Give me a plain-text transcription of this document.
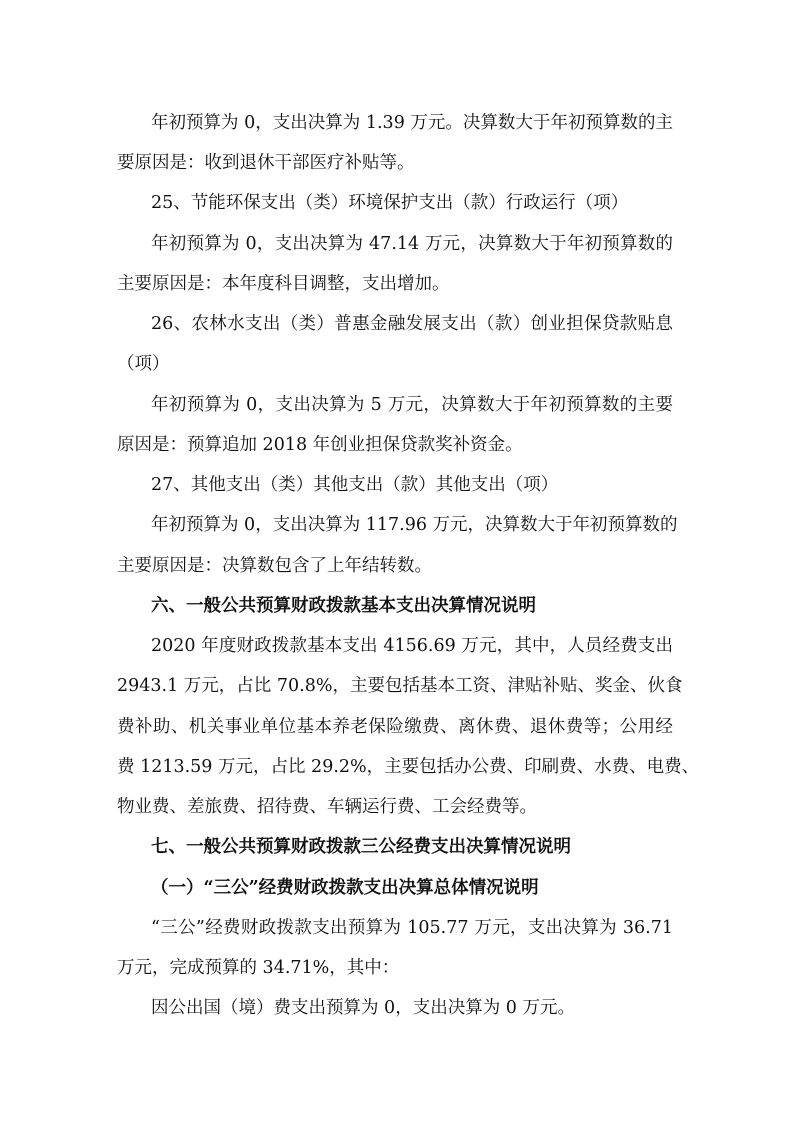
年初预算为 0，支出决算为 1.39 万元。决算数大于年初预算数的主
要原因是：收到退休干部医疗补贴等。
25、节能环保支出（类）环境保护支出（款）行政运行（项）
年初预算为 0，支出决算为 47.14 万元，决算数大于年初预算数的
主要原因是：本年度科目调整，支出增加。
26、农林水支出（类）普惠金融发展支出（款）创业担保贷款贴息
（项）
年初预算为 0，支出决算为 5 万元，决算数大于年初预算数的主要
原因是：预算追加 2018 年创业担保贷款奖补资金。
27、其他支出（类）其他支出（款）其他支出（项）
年初预算为 0，支出决算为 117.96 万元，决算数大于年初预算数的
主要原因是：决算数包含了上年结转数。
六、一般公共预算财政拨款基本支出决算情况说明
2020 年度财政拨款基本支出 4156.69 万元，其中，人员经费支出
2943.1 万元，占比 70.8%，主要包括基本工资、津贴补贴、奖金、伙食
费补助、机关事业单位基本养老保险缴费、离休费、退休费等；公用经
费 1213.59 万元，占比 29.2%，主要包括办公费、印刷费、水费、电费、
物业费、差旅费、招待费、车辆运行费、工会经费等。
七、一般公共预算财政拨款三公经费支出决算情况说明
（一）“三公”经费财政拨款支出决算总体情况说明
“三公”经费财政拨款支出预算为 105.77 万元，支出决算为 36.71
万元，完成预算的 34.71%，其中：
因公出国（境）费支出预算为 0，支出决算为 0 万元。
